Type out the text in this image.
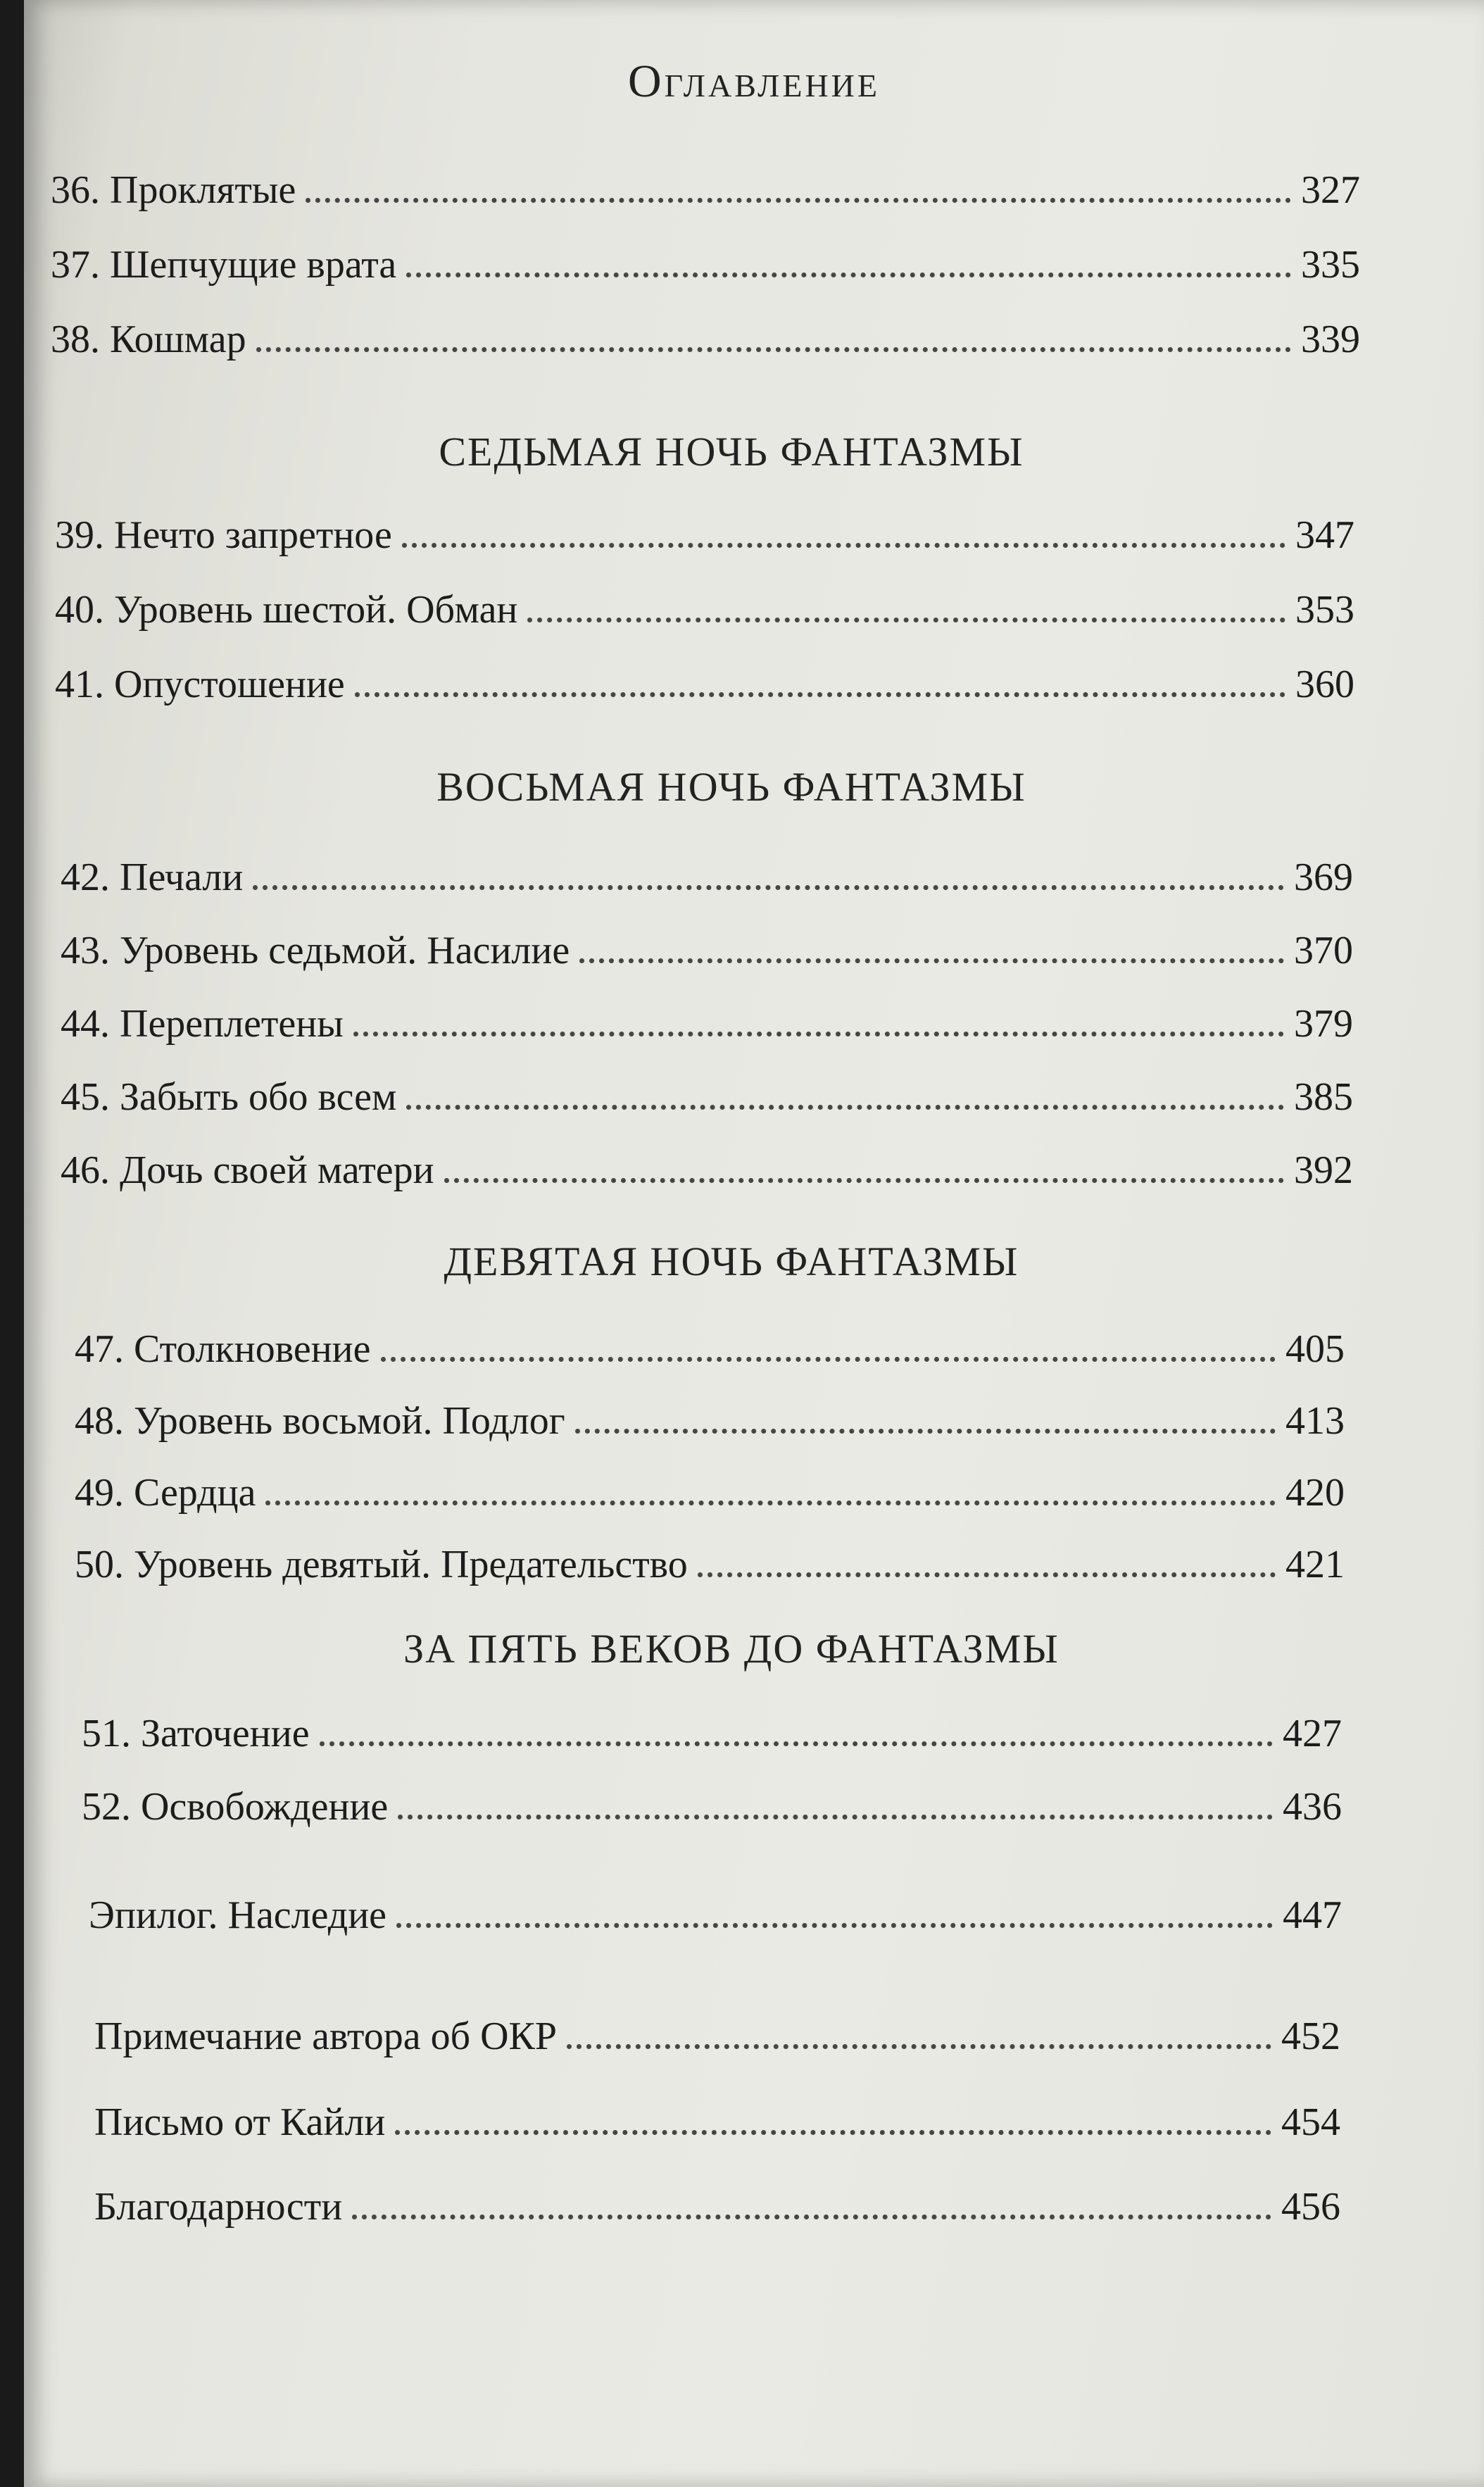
Оглавление
36. Проклятые	327
37. Шепчущие врата	335
38. Кошмар	339
СЕДЬМАЯ НОЧЬ ФАНТАЗМЫ
39. Нечто запретное	347
40. Уровень шестой. Обман	353
41. Опустошение	360
ВОСЬМАЯ НОЧЬ ФАНТАЗМЫ
42. Печали	369
43. Уровень седьмой. Насилие	370
44. Переплетены	379
45. Забыть обо всем	385
46. Дочь своей матери	392
ДЕВЯТАЯ НОЧЬ ФАНТАЗМЫ
47. Столкновение	405
48. Уровень восьмой. Подлог	413
49. Сердца	420
50. Уровень девятый. Предательство	421
ЗА ПЯТЬ ВЕКОВ ДО ФАНТАЗМЫ
51. Заточение	427
52. Освобождение	436
Эпилог. Наследие	447
Примечание автора об ОКР	452
Письмо от Кайли	454
Благодарности	456
